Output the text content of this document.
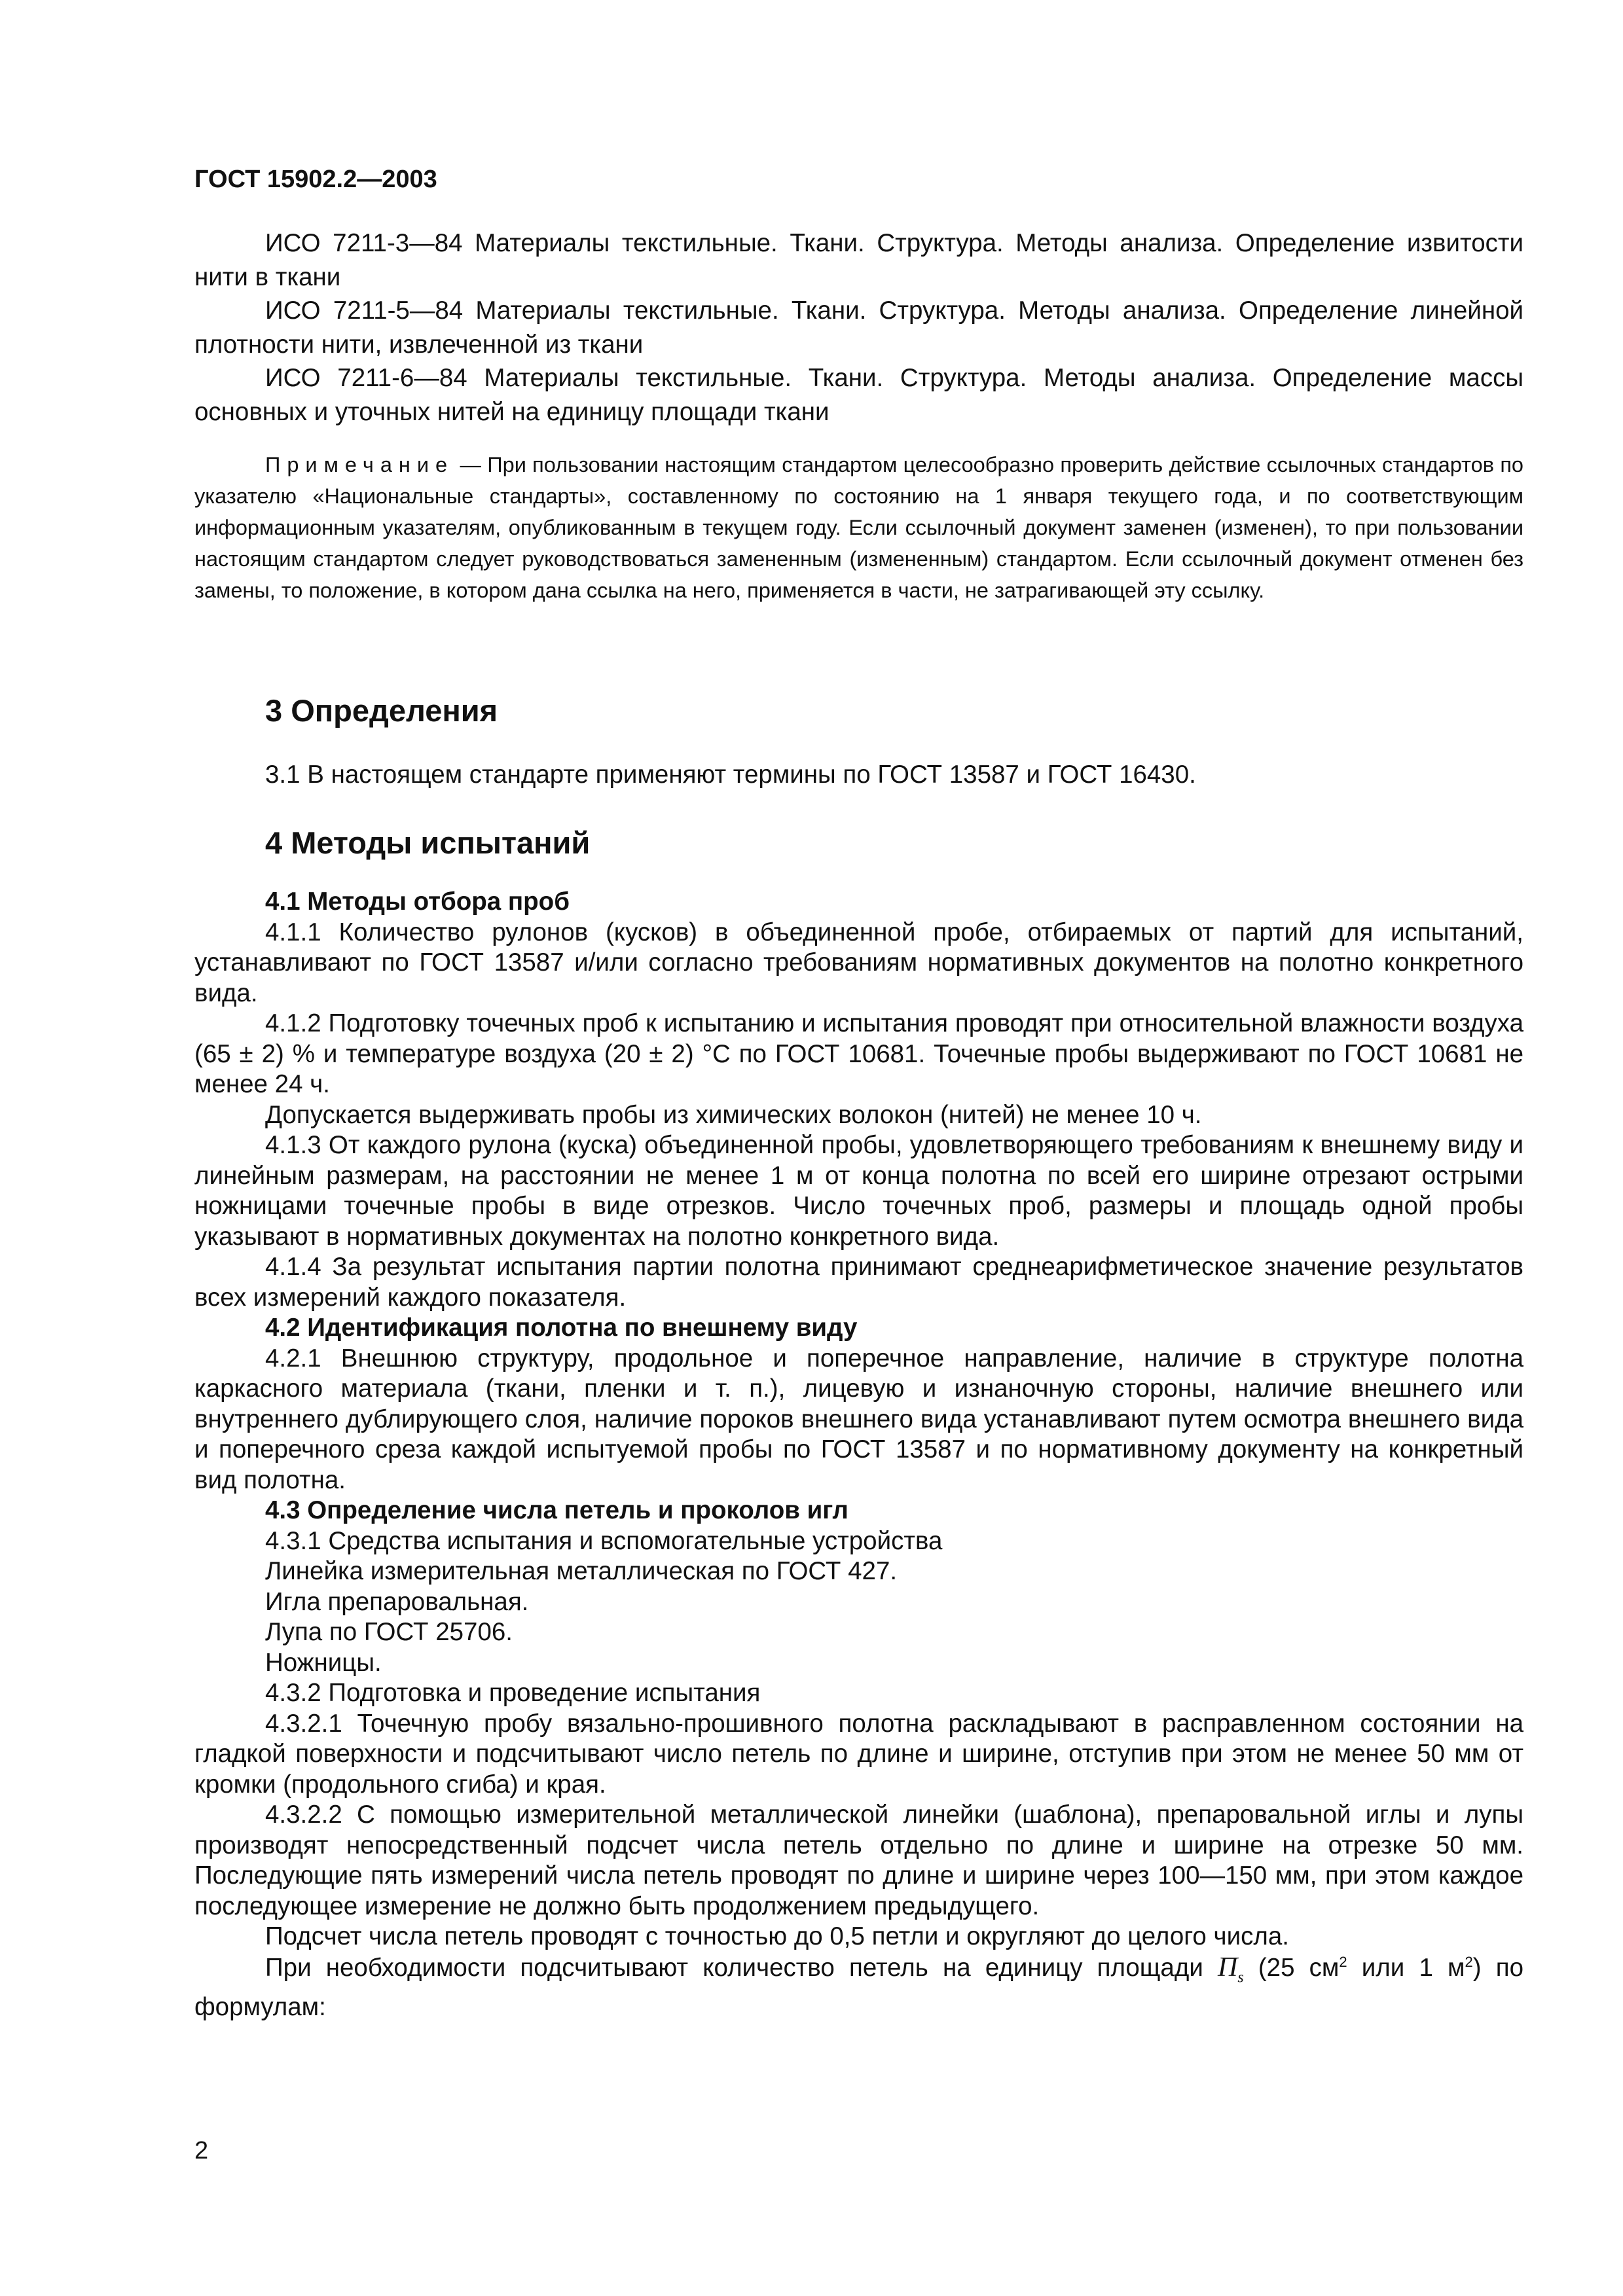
ГОСТ 15902.2—2003

ИСО 7211-3—84 Материалы текстильные. Ткани. Структура. Методы анализа. Определение извитости нити в ткани

ИСО 7211-5—84 Материалы текстильные. Ткани. Структура. Методы анализа. Определение линейной плотности нити, извлеченной из ткани

ИСО 7211-6—84 Материалы текстильные. Ткани. Структура. Методы анализа. Определение массы основных и уточных нитей на единицу площади ткани

Примечание — При пользовании настоящим стандартом целесообразно проверить действие ссылочных стандартов по указателю «Национальные стандарты», составленному по состоянию на 1 января текущего года, и по соответствующим информационным указателям, опубликованным в текущем году. Если ссылочный документ заменен (изменен), то при пользовании настоящим стандартом следует руководствоваться замененным (измененным) стандартом. Если ссылочный документ отменен без замены, то положение, в котором дана ссылка на него, применяется в части, не затрагивающей эту ссылку.

3 Определения

3.1 В настоящем стандарте применяют термины по ГОСТ 13587 и ГОСТ 16430.

4 Методы испытаний

4.1 Методы отбора проб

4.1.1 Количество рулонов (кусков) в объединенной пробе, отбираемых от партий для испытаний, устанавливают по ГОСТ 13587 и/или согласно требованиям нормативных документов на полотно конкретного вида.

4.1.2 Подготовку точечных проб к испытанию и испытания проводят при относительной влажности воздуха (65 ± 2) % и температуре воздуха (20 ± 2) °С по ГОСТ 10681. Точечные пробы выдерживают по ГОСТ 10681 не менее 24 ч.

Допускается выдерживать пробы из химических волокон (нитей) не менее 10 ч.

4.1.3 От каждого рулона (куска) объединенной пробы, удовлетворяющего требованиям к внешнему виду и линейным размерам, на расстоянии не менее 1 м от конца полотна по всей его ширине отрезают острыми ножницами точечные пробы в виде отрезков. Число точечных проб, размеры и площадь одной пробы указывают в нормативных документах на полотно конкретного вида.

4.1.4 За результат испытания партии полотна принимают среднеарифметическое значение результатов всех измерений каждого показателя.

4.2 Идентификация полотна по внешнему виду

4.2.1 Внешнюю структуру, продольное и поперечное направление, наличие в структуре полотна каркасного материала (ткани, пленки и т. п.), лицевую и изнаночную стороны, наличие внешнего или внутреннего дублирующего слоя, наличие пороков внешнего вида устанавливают путем осмотра внешнего вида и поперечного среза каждой испытуемой пробы по ГОСТ 13587 и по нормативному документу на конкретный вид полотна.

4.3 Определение числа петель и проколов игл

4.3.1 Средства испытания и вспомогательные устройства

Линейка измерительная металлическая по ГОСТ 427.

Игла препаровальная.

Лупа по ГОСТ 25706.

Ножницы.

4.3.2 Подготовка и проведение испытания

4.3.2.1 Точечную пробу вязально-прошивного полотна раскладывают в расправленном состоянии на гладкой поверхности и подсчитывают число петель по длине и ширине, отступив при этом не менее 50 мм от кромки (продольного сгиба) и края.

4.3.2.2 С помощью измерительной металлической линейки (шаблона), препаровальной иглы и лупы производят непосредственный подсчет числа петель отдельно по длине и ширине на отрезке 50 мм. Последующие пять измерений числа петель проводят по длине и ширине через 100—150 мм, при этом каждое последующее измерение не должно быть продолжением предыдущего.

Подсчет числа петель проводят с точностью до 0,5 петли и округляют до целого числа.

При необходимости подсчитывают количество петель на единицу площади $П_s$ (25 $см^2$ или 1 $м^2$) по формулам:

2
